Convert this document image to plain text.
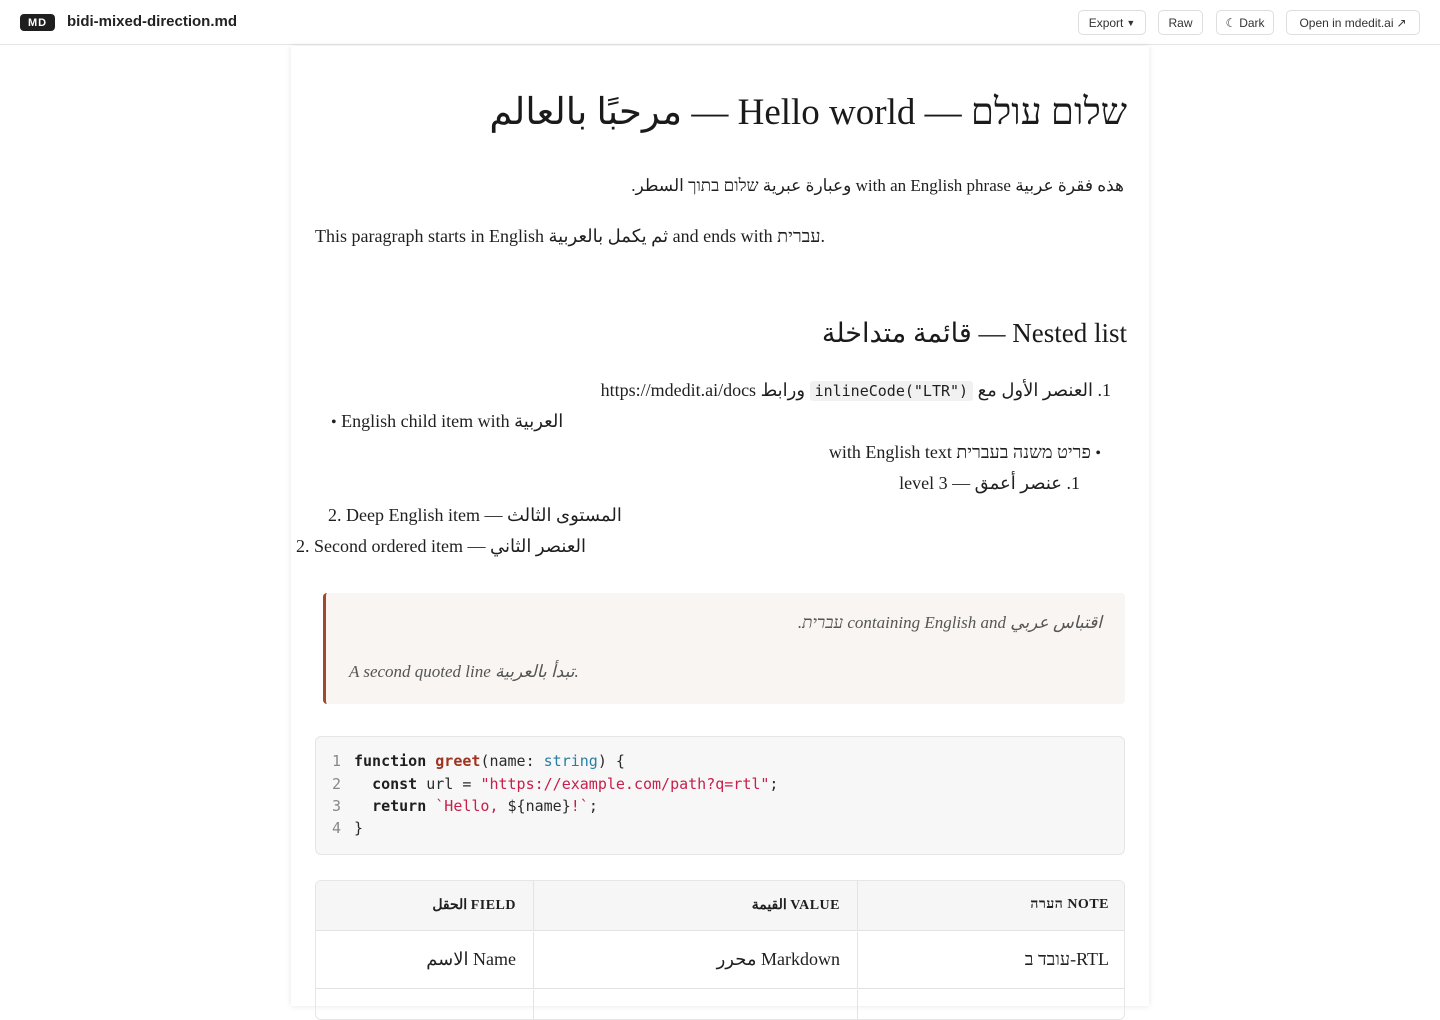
MD	bidi-mixed-direction.md	Export ▼	Raw	☾ Dark	Open in mdedit.ai ↗
مرحبًا بالعالم — Hello world — שלום עולם
هذه فقرة عربية with an English phrase وعبارة عبرية שלום בתוך السطر.
This paragraph starts in English ثم يكمل بالعربية and ends with עברית.
قائمة متداخلة — Nested list
1. العنصر الأول مع inlineCode("LTR") ورابط https://mdedit.ai/docs
• English child item with العربية
• פריט משנה בעברית with English text
1. عنصر أعمق — level 3
2. Deep English item — المستوى الثالث
2. Second ordered item — العنصر الثاني
اقتباس عربي containing English and עברית.
A second quoted line تبدأ بالعربية.
1 function greet(name: string) {
2 const url = "https://example.com/path?q=rtl";
3 return `Hello, ${name}!`;
4 }
الحقل FIELD	القيمة VALUE	הערה NOTE
الاسم Name	محرر Markdown	עובד ב-RTL
